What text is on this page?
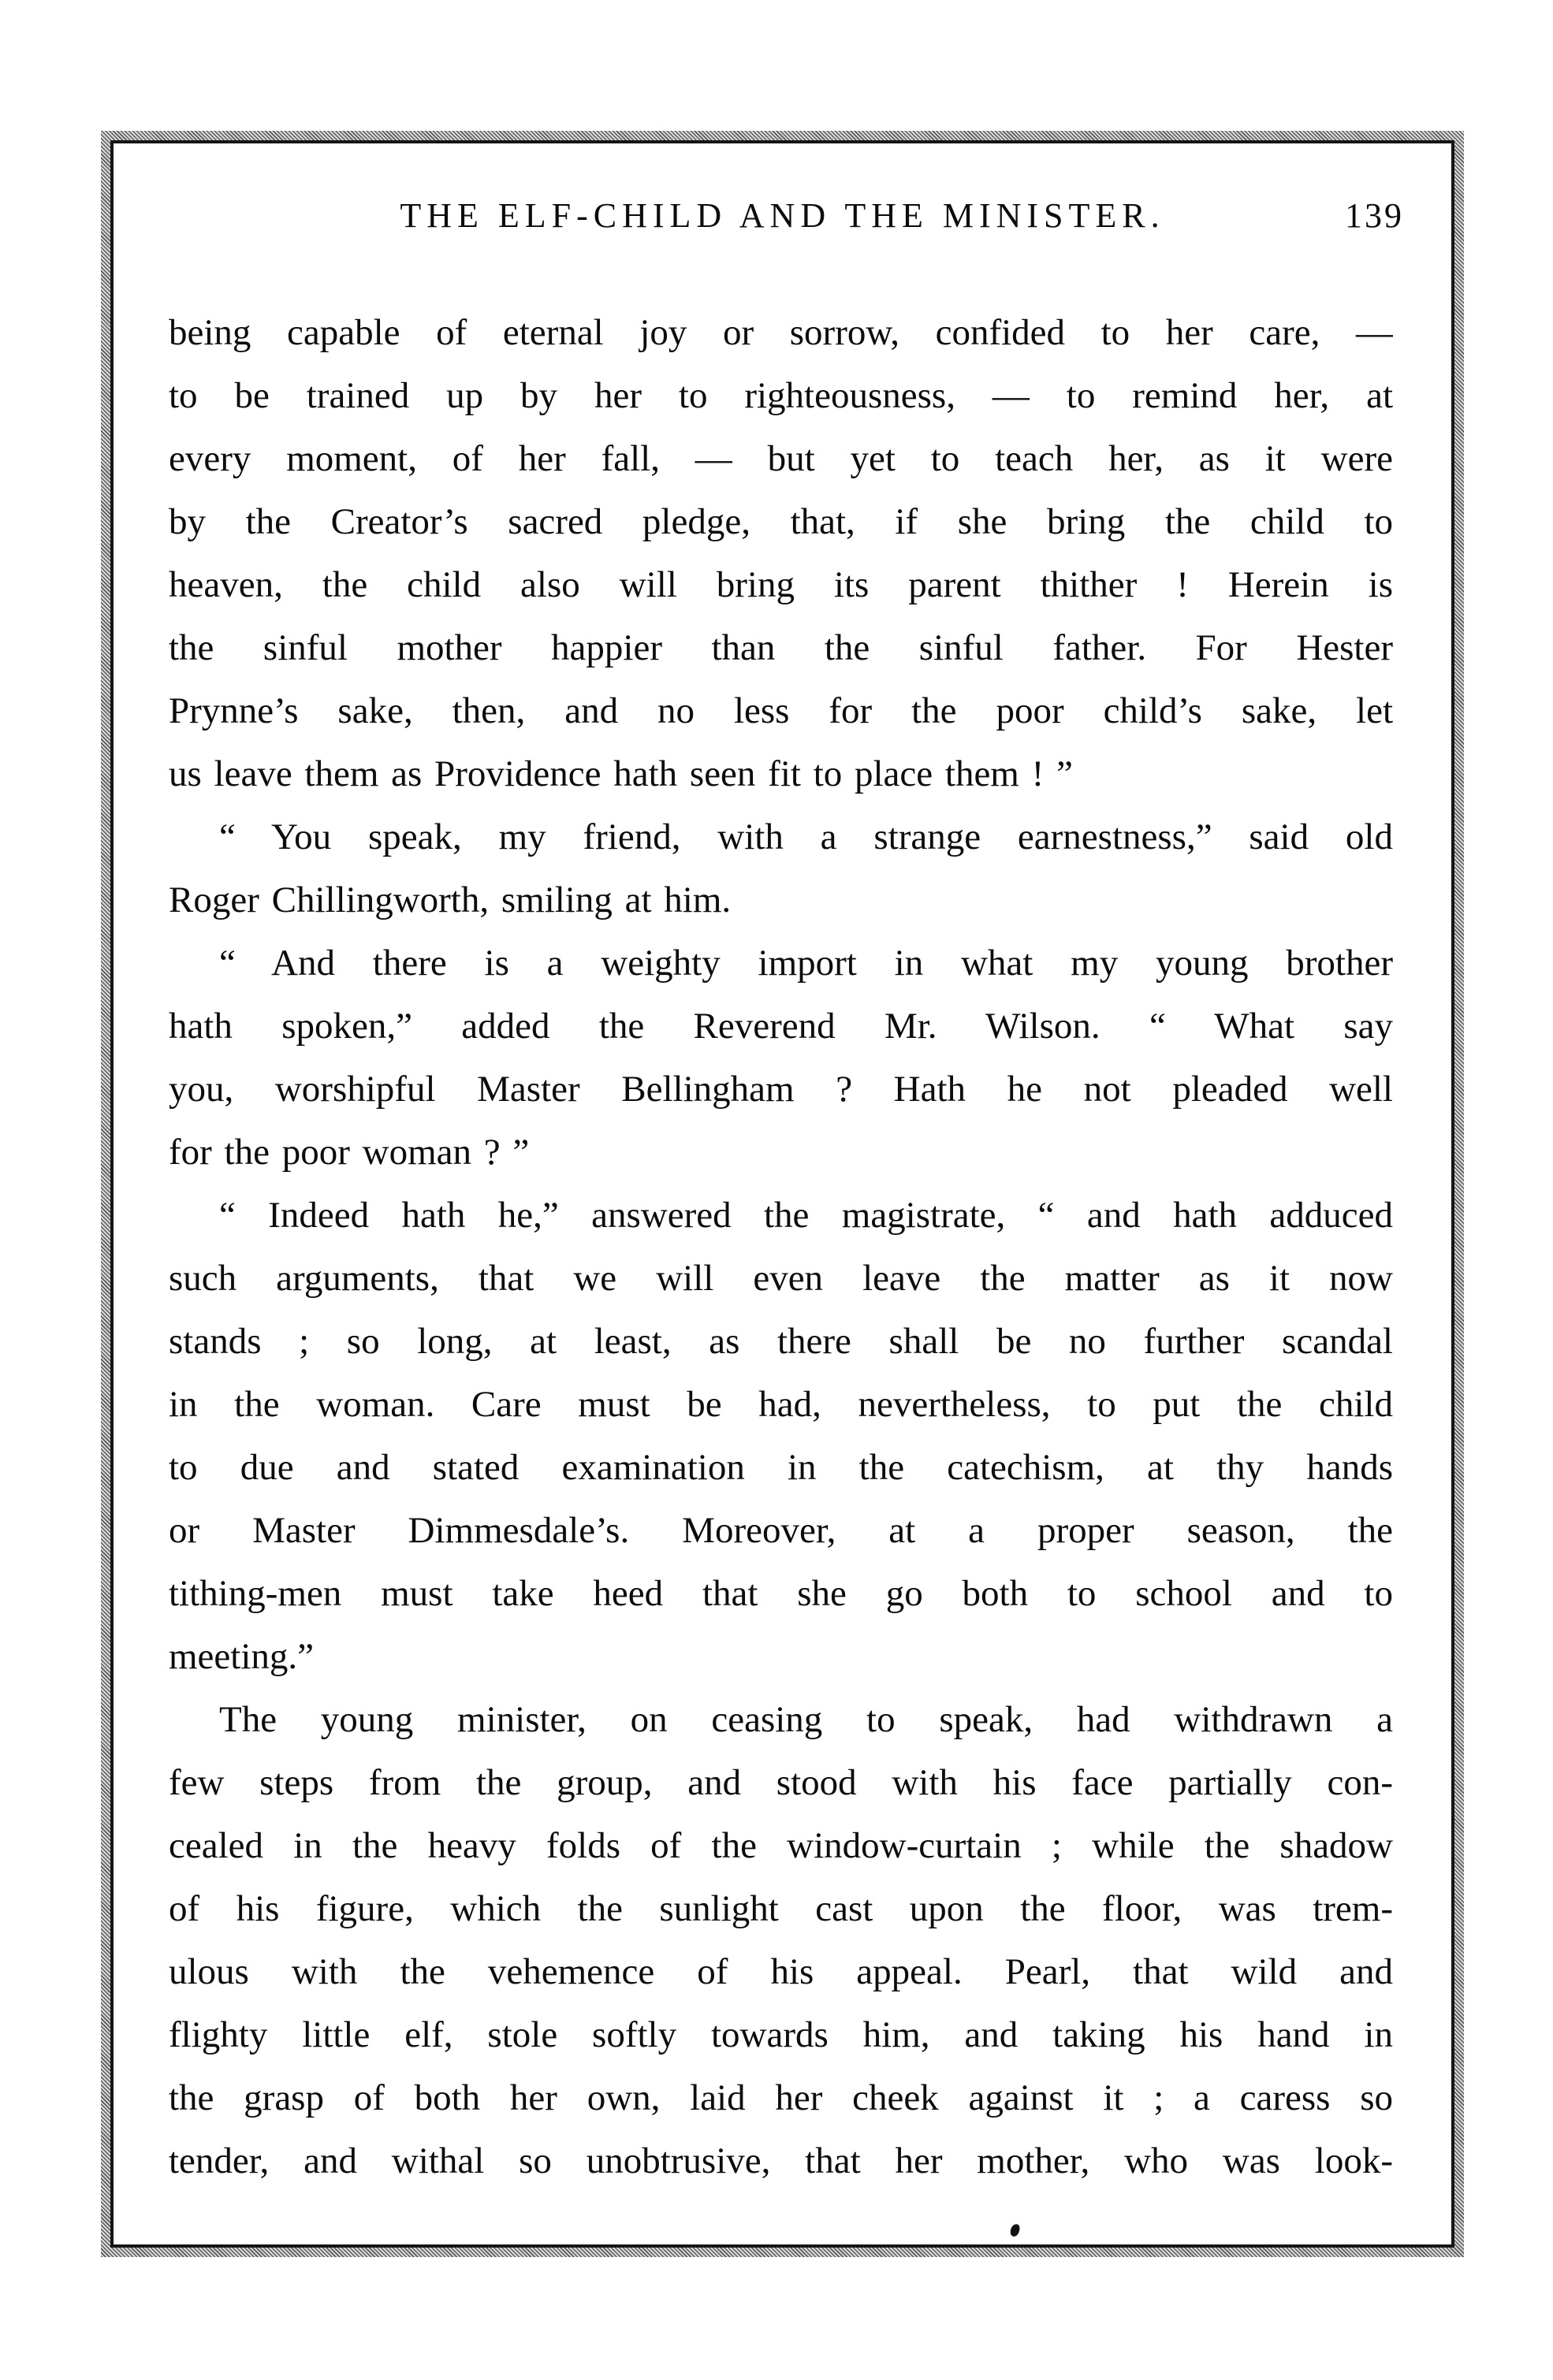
THE ELF-CHILD AND THE MINISTER.	139
being capable of eternal joy or sorrow, confided to her care, —
to be trained up by her to righteousness, — to remind her, at
every moment, of her fall, — but yet to teach her, as it were
by the Creator’s sacred pledge, that, if she bring the child to
heaven, the child also will bring its parent thither ! Herein is
the sinful mother happier than the sinful father. For Hester
Prynne’s sake, then, and no less for the poor child’s sake, let
us leave them as Providence hath seen fit to place them ! ”
“ You speak, my friend, with a strange earnestness,” said old
Roger Chillingworth, smiling at him.
“ And there is a weighty import in what my young brother
hath spoken,” added the Reverend Mr. Wilson. “ What say
you, worshipful Master Bellingham ? Hath he not pleaded well
for the poor woman ? ”
“ Indeed hath he,” answered the magistrate, “ and hath adduced
such arguments, that we will even leave the matter as it now
stands ; so long, at least, as there shall be no further scandal
in the woman. Care must be had, nevertheless, to put the child
to due and stated examination in the catechism, at thy hands
or Master Dimmesdale’s. Moreover, at a proper season, the
tithing-men must take heed that she go both to school and to
meeting.”
The young minister, on ceasing to speak, had withdrawn a
few steps from the group, and stood with his face partially con-
cealed in the heavy folds of the window-curtain ; while the shadow
of his figure, which the sunlight cast upon the floor, was trem-
ulous with the vehemence of his appeal. Pearl, that wild and
flighty little elf, stole softly towards him, and taking his hand in
the grasp of both her own, laid her cheek against it ; a caress so
tender, and withal so unobtrusive, that her mother, who was look-
